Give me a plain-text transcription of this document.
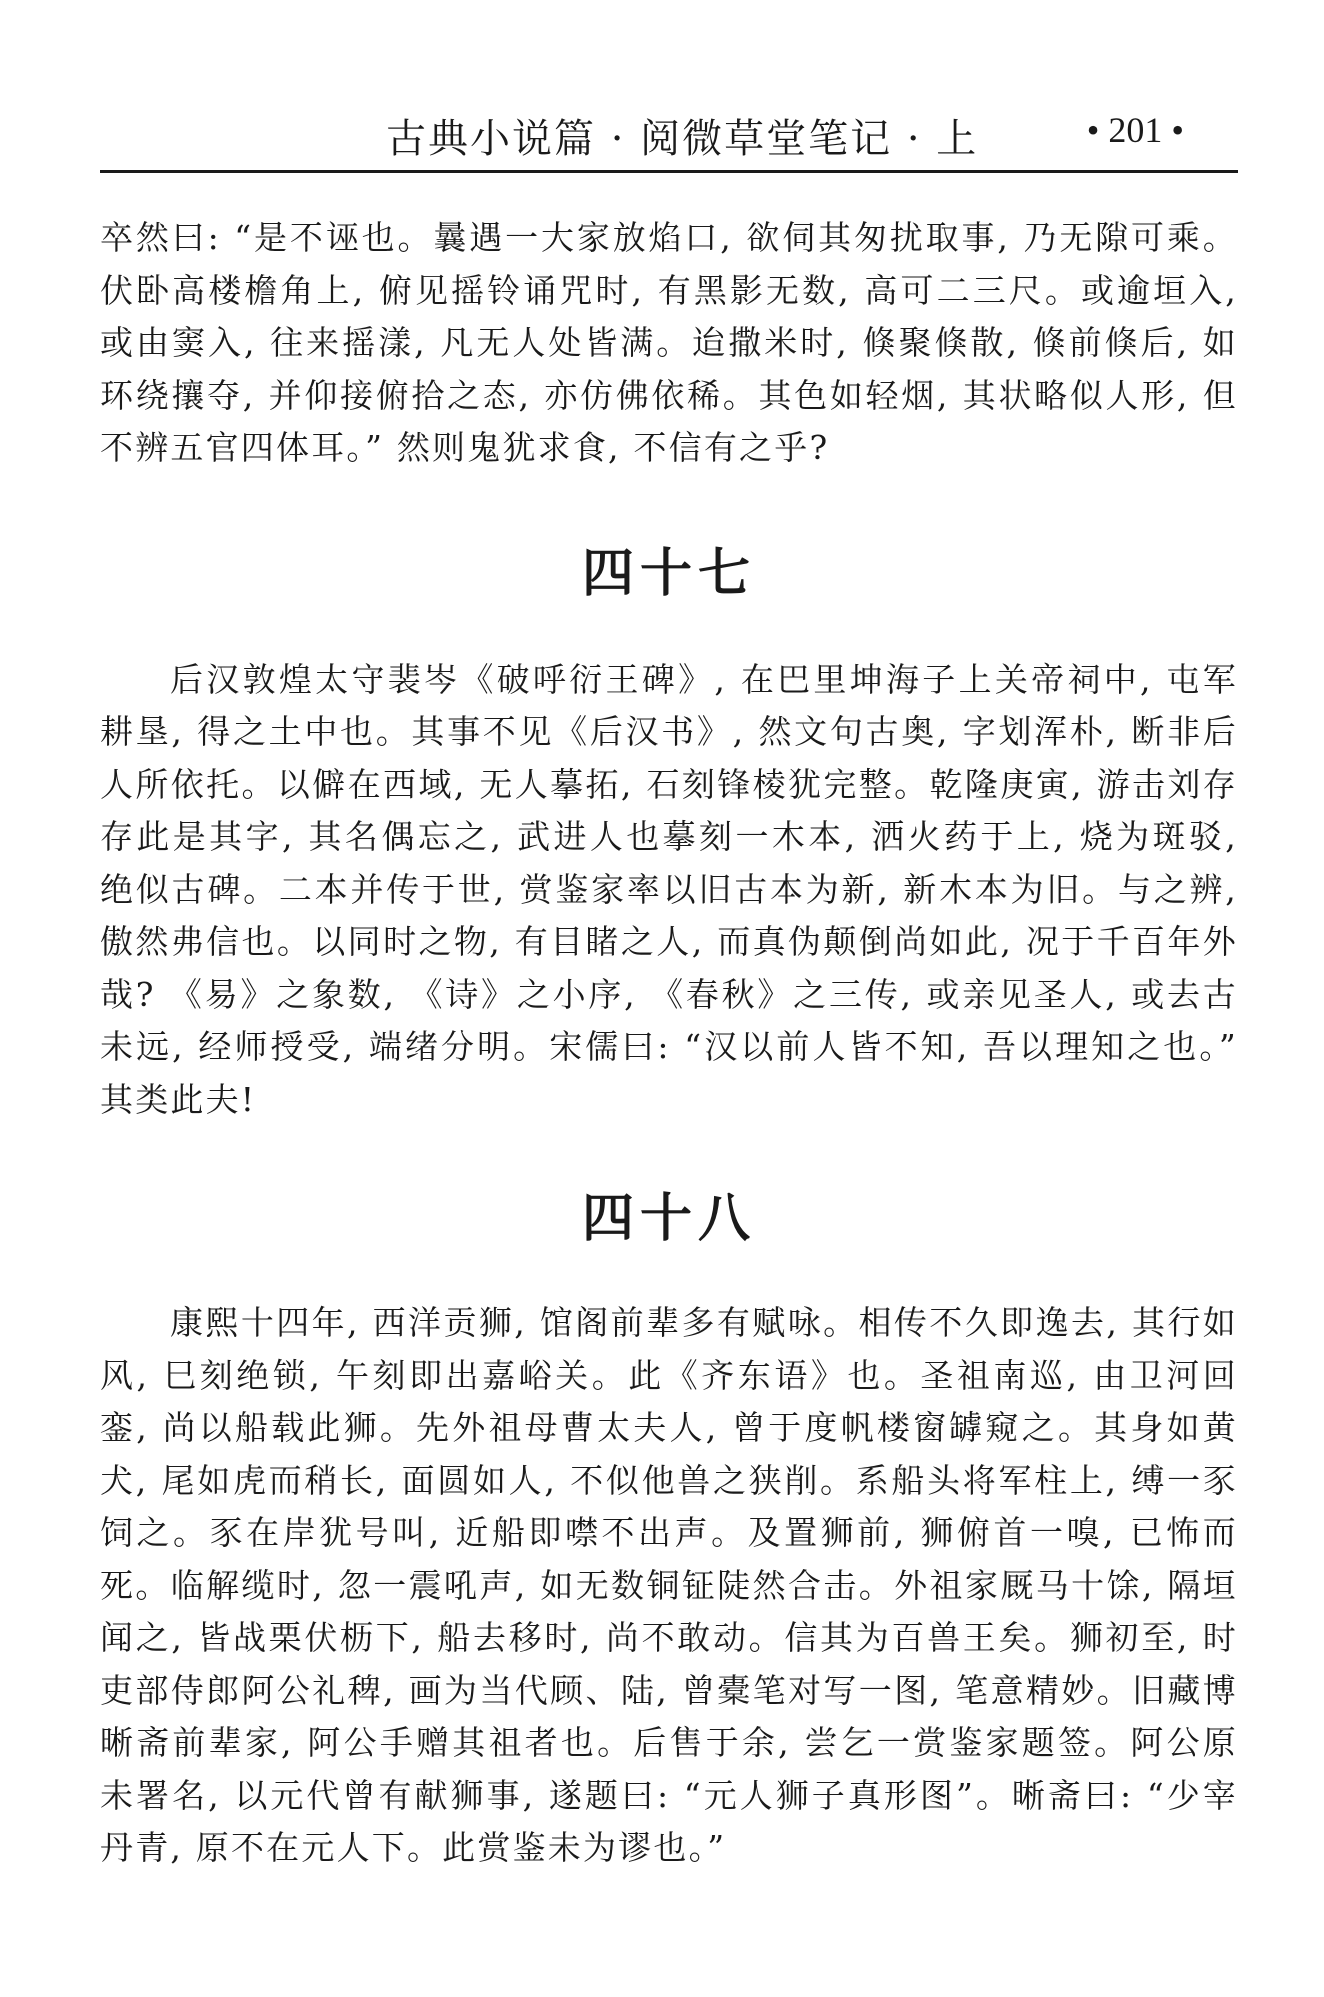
古典小说篇 · 阅微草堂笔记 · 上	• 201 •

卒然曰: “是不诬也。曩遇一大家放焰口, 欲伺其匆扰取事, 乃无隙可乘。伏卧高楼檐角上, 俯见摇铃诵咒时, 有黑影无数, 高可二三尺。或逾垣入, 或由窦入, 往来摇漾, 凡无人处皆满。迨撒米时, 倏聚倏散, 倏前倏后, 如环绕攘夺, 并仰接俯拾之态, 亦仿佛依稀。其色如轻烟, 其状略似人形, 但不辨五官四体耳。” 然则鬼犹求食, 不信有之乎?

四十七

后汉敦煌太守裴岑《破呼衍王碑》, 在巴里坤海子上关帝祠中, 屯军耕垦, 得之土中也。其事不见《后汉书》, 然文句古奥, 字划浑朴, 断非后人所依托。以僻在西域, 无人摹拓, 石刻锋棱犹完整。乾隆庚寅, 游击刘存存此是其字, 其名偶忘之, 武进人也摹刻一木本, 洒火药于上, 烧为斑驳, 绝似古碑。二本并传于世, 赏鉴家率以旧古本为新, 新木本为旧。与之辨, 傲然弗信也。以同时之物, 有目睹之人, 而真伪颠倒尚如此, 况于千百年外哉? 《易》之象数, 《诗》之小序, 《春秋》之三传, 或亲见圣人, 或去古未远, 经师授受, 端绪分明。宋儒曰: “汉以前人皆不知, 吾以理知之也。” 其类此夫!

四十八

康熙十四年, 西洋贡狮, 馆阁前辈多有赋咏。相传不久即逸去, 其行如风, 巳刻绝锁, 午刻即出嘉峪关。此《齐东语》也。圣祖南巡, 由卫河回銮, 尚以船载此狮。先外祖母曹太夫人, 曾于度帆楼窗罅窥之。其身如黄犬, 尾如虎而稍长, 面圆如人, 不似他兽之狭削。系船头将军柱上, 缚一豕饲之。豕在岸犹号叫, 近船即噤不出声。及置狮前, 狮俯首一嗅, 已怖而死。临解缆时, 忽一震吼声, 如无数铜钲陡然合击。外祖家厩马十馀, 隔垣闻之, 皆战栗伏枥下, 船去移时, 尚不敢动。信其为百兽王矣。狮初至, 时吏部侍郎阿公礼稗, 画为当代顾、陆, 曾橐笔对写一图, 笔意精妙。旧藏博晰斋前辈家, 阿公手赠其祖者也。后售于余, 尝乞一赏鉴家题签。阿公原未署名, 以元代曾有献狮事, 遂题曰: “元人狮子真形图”。晰斋曰: “少宰丹青, 原不在元人下。此赏鉴未为谬也。”
